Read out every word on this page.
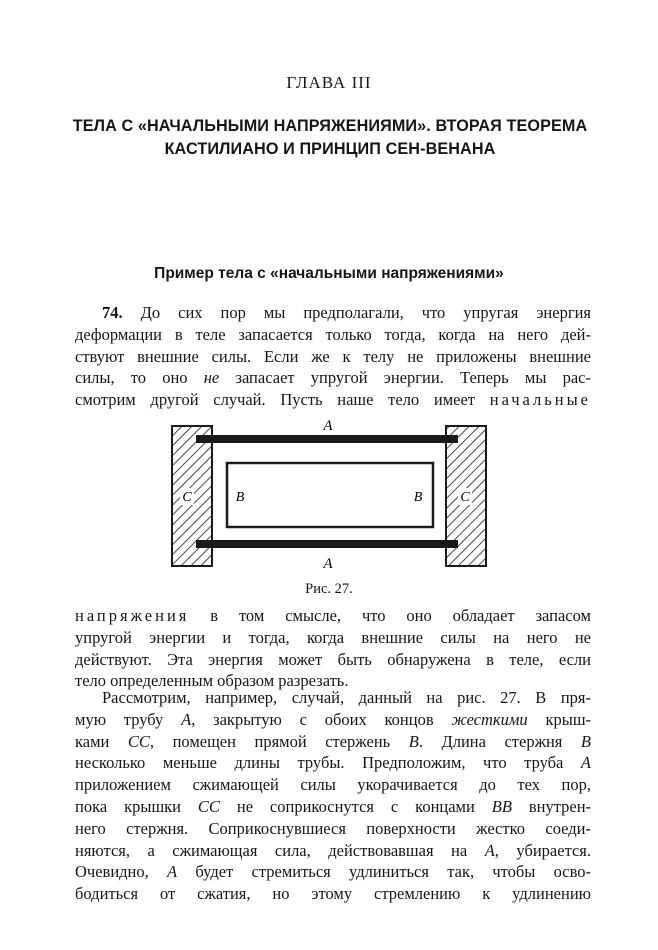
ГЛАВА III
ТЕЛА С «НАЧАЛЬНЫМИ НАПРЯЖЕНИЯМИ». ВТОРАЯ ТЕОРЕМА
КАСТИЛИАНО И ПРИНЦИП СЕН-ВЕНАНА
Пример тела с «начальными напряжениями»
74. До сих пор мы предполагали, что упругая энергия
деформации в теле запасается только тогда, когда на него дей-
ствуют внешние силы. Если же к телу не приложены внешние
силы, то оно не запасает упругой энергии. Теперь мы рас-
смотрим другой случай. Пусть наше тело имеет начальные
A
A
B	B
C	C
Рис. 27.
напряжения в том смысле, что оно обладает запасом
упругой энергии и тогда, когда внешние силы на него не
действуют. Эта энергия может быть обнаружена в теле, если
тело определенным образом разрезать.
Рассмотрим, например, случай, данный на рис. 27. В пря-
мую трубу A, закрытую с обоих концов жесткими крыш-
ками CC, помещен прямой стержень B. Длина стержня B
несколько меньше длины трубы. Предположим, что труба A
приложением сжимающей силы укорачивается до тех пор,
пока крышки CC не соприкоснутся с концами BB внутрен-
него стержня. Соприкоснувшиеся поверхности жестко соеди-
няются, а сжимающая сила, действовавшая на A, убирается.
Очевидно, A будет стремиться удлиниться так, чтобы осво-
бодиться от сжатия, но этому стремлению к удлинению
